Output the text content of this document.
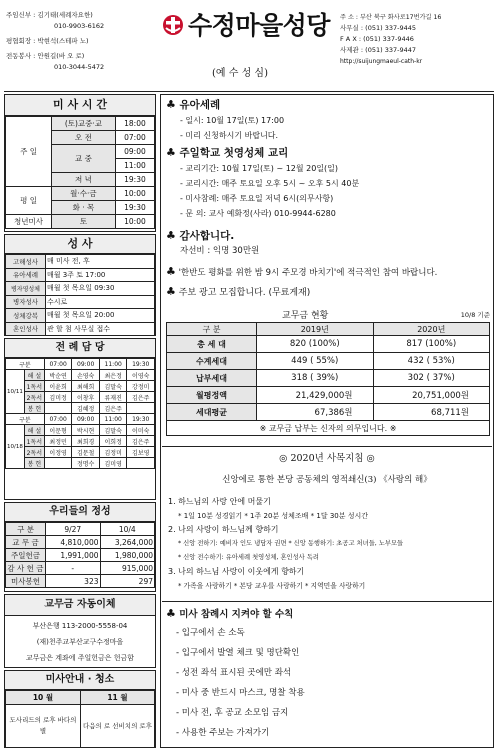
주임신부 : 김기태(세례자요한)
010-9903-6162
평협회장 : 박현석(스테파 노)
전동봉사 : 안원길(바 오 로)
010-3044-5472
수정마을성당
(예 수 성 심)
주 소 : 부산 북구 화사로17번가길 16
사무실 : (051) 337-9445
F A X : (051) 337-9446
사제관 : (051) 337-9447
http://suijungmaeul-cath-kr
미 사 시 간
주 일	(토)교중·교	18:00
	오 전	07:00
	교 중	09:00
		11:00
	저 녁	19:30
평 일	월·수·금	10:00
	화 · 목	19:30
청년미사	토	10:00
성 사
고해성사	매 미사 전, 후
유아세례	매월 3주 토 17:00
병자영성체	매월 첫 목요일 09:30
병자성사	수시로
성체강복	매월 첫 목요일 20:00
혼인성사	관 할 첨 사무실 접수
전 례 담 당
구분		07:00	09:00	11:00	19:30
10/11	해 설	박순연	손영숙	최은정	이영숙
	1독서	이윤희	최해희	김말숙	강정미
	2독서	김미정	이창후	류재진	김은주
	봉 헌		김혜정	김은주	
구분		07:00	09:00	11:00	19:30
10/18	해 설	이문형	박시현	김말숙	이미숙
	1독서	최정민	최희경	이희정	김은주
	2독서	이정영	김문철	김정미	김보영
	봉 헌		정명수	김미영	
우리들의 정성
구 분	9/27	10/4
교 무 금	4,810,000	3,264,000
주일헌금	1,991,000	1,980,000
감 사 헌 금	-	915,000
미사봉헌	323	297
교무금 자동이체
부산은행 113-2000-5558-04
(재)천주교부산교구수정마을
교무금은 계좌에 주일헌금은 헌금함
미사안내 · 청소
10 월	11 월
도사리드의 로후 바다의 별	다음의 로 선비치의 로후
♣ 유아세례
- 일시: 10월 17일(토) 17:00
- 미리 신청하시기 바랍니다.
♣ 주일학교 첫영성체 교리
- 교리기간: 10월 17일(토) ~ 12월 20일(일)
- 교리시간: 매주 토요일 오후 5시 ~ 오후 5시 40분
- 미사참례: 매주 토요일 저녁 6시(의무사항)
- 문 의: 교사 예화정(사라) 010-9944-6280
♣ 감사합니다.
자선비 : 익명 30만원
♣ '한반도 평화를 위한 밤 9시 주모경 바치기'에 적극적인 참여 바랍니다.
♣ 주보 광고 모집합니다. (무료게재)
교무금 현황	10/8 기준
구 분	2019년	2020년
총 세 대	820 (100%)	817 (100%)
수계세대	449 ( 55%)	432 ( 53%)
납부세대	318 ( 39%)	302 ( 37%)
월평정액	21,429,000원	20,751,000원
세대평균	67,386원	68,711원
※ 교무금 납부는 신자의 의무입니다. ※		
◎ 2020년 사목지침 ◎
신앙에로 통한 본당 공동체의 영적쇄신(3) 《사랑의 해》
1. 하느님의 사랑 안에 머물기
* 1일 10분 성경읽기 * 1주 20분 성체조배 * 1달 30분 성시간
2. 나의 사랑이 하느님께 향하기
* 신앙 전하기: 예비자 인도 냉담자 권면 * 신앙 동행하기: 초공고 처녀들, 노부모들
* 신앙 전수하기: 유아세례 첫영성체, 혼인성사 독려
3. 나의 하느님 사랑이 이웃에게 향하기
* 가족을 사랑하기 * 본당 교우를 사랑하기 * 지역민을 사랑하기
♣ 미사 참례시 지켜야 할 수칙
- 입구에서 손 소독
- 입구에서 발열 체크 및 명단확인
- 성전 좌석 표시된 곳에만 좌석
- 미사 중 반드시 마스크, 명찰 착용
- 미사 전, 후 공교 소모임 금지
- 사용한 주보는 가져가기
